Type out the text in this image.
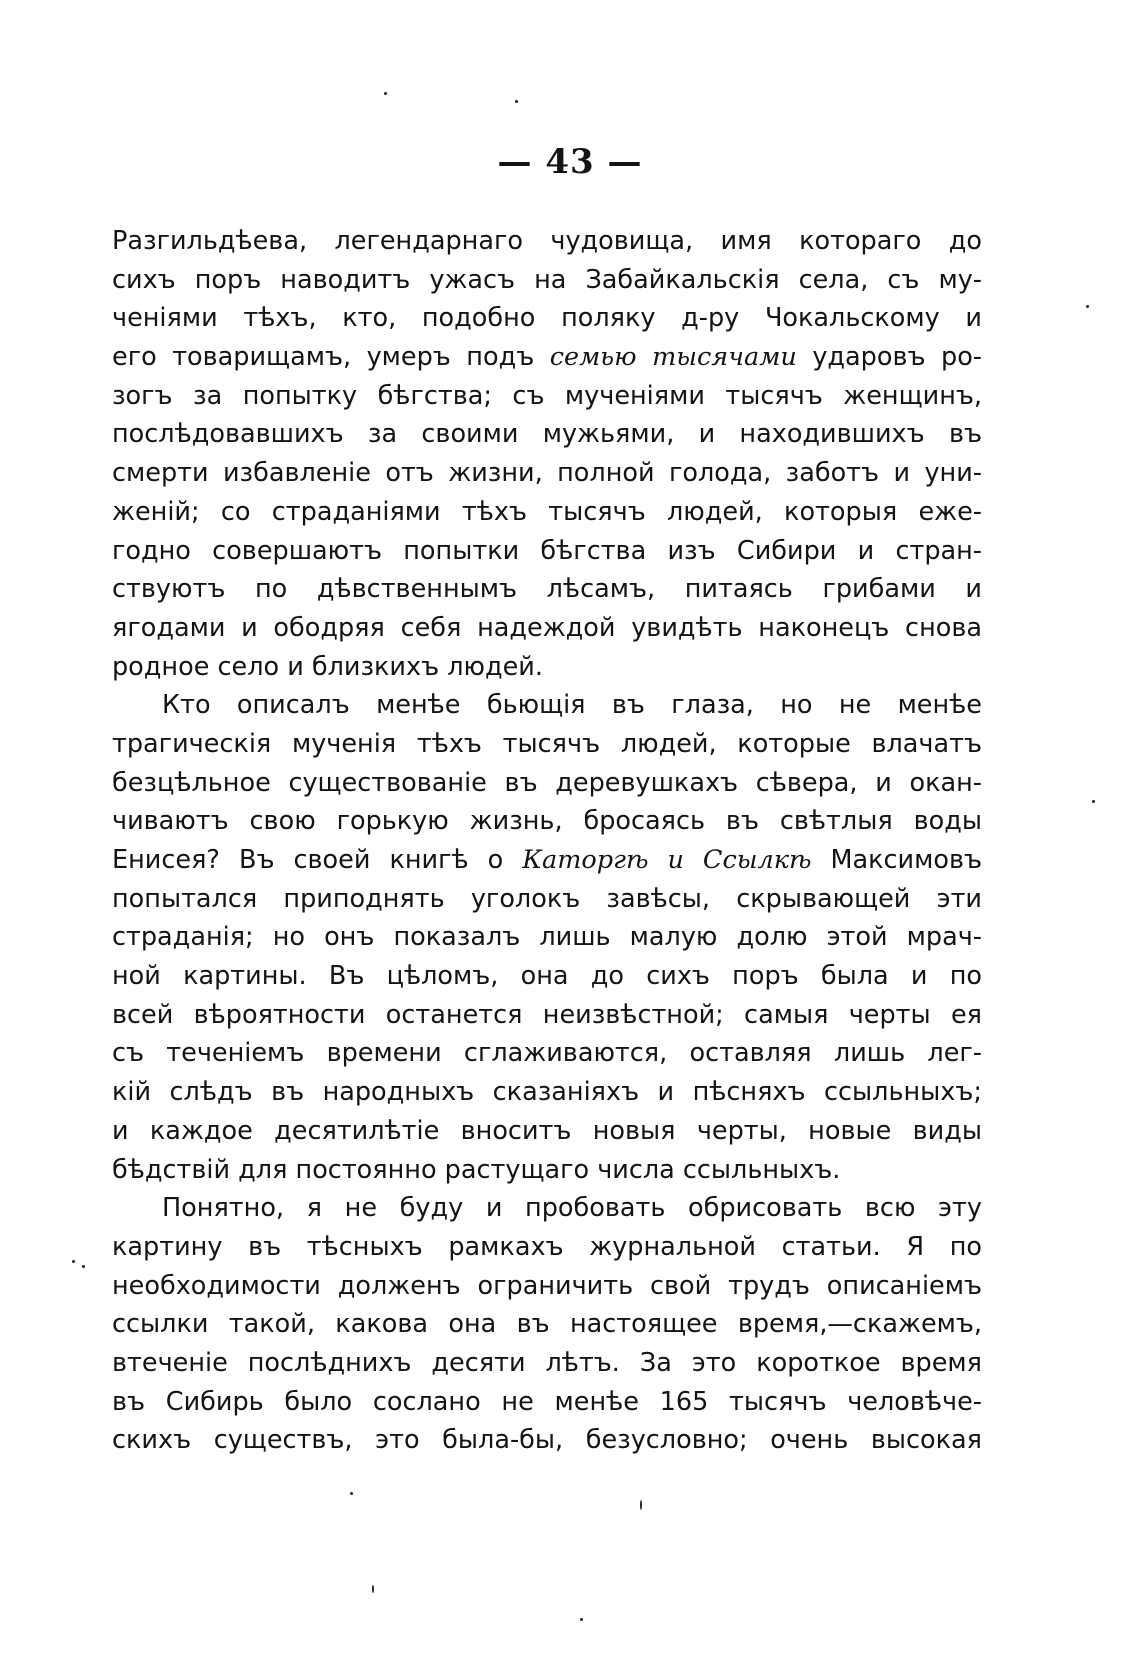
— 43 —
Разгильдѣева, легендарнаго чудовища, имя котораго до
сихъ поръ наводитъ ужасъ на Забайкальскія села, съ му-
ченіями тѣхъ, кто, подобно поляку д-ру Чокальскому и
его товарищамъ, умеръ подъ семью тысячами ударовъ ро-
зогъ за попытку бѣгства; съ мученіями тысячъ женщинъ,
послѣдовавшихъ за своими мужьями, и находившихъ въ
смерти избавленіе отъ жизни, полной голода, заботъ и уни-
женій; со страданіями тѣхъ тысячъ людей, которыя еже-
годно совершаютъ попытки бѣгства изъ Сибири и стран-
ствуютъ по дѣвственнымъ лѣсамъ, питаясь грибами и
ягодами и ободряя себя надеждой увидѣть наконецъ снова
родное село и близкихъ людей.
Кто описалъ менѣе бьющія въ глаза, но не менѣе
трагическія мученія тѣхъ тысячъ людей, которые влачатъ
безцѣльное существованіе въ деревушкахъ сѣвера, и окан-
чиваютъ свою горькую жизнь, бросаясь въ свѣтлыя воды
Енисея? Въ своей книгѣ о Каторгѣ и Ссылкѣ Максимовъ
попытался приподнять уголокъ завѣсы, скрывающей эти
страданія; но онъ показалъ лишь малую долю этой мрач-
ной картины. Въ цѣломъ, она до сихъ поръ была и по
всей вѣроятности останется неизвѣстной; самыя черты ея
съ теченіемъ времени сглаживаются, оставляя лишь лег-
кій слѣдъ въ народныхъ сказаніяхъ и пѣсняхъ ссыльныхъ;
и каждое десятилѣтіе вноситъ новыя черты, новые виды
бѣдствій для постоянно растущаго числа ссыльныхъ.
Понятно, я не буду и пробовать обрисовать всю эту
картину въ тѣсныхъ рамкахъ журнальной статьи. Я по
необходимости долженъ ограничить свой трудъ описаніемъ
ссылки такой, какова она въ настоящее время,—скажемъ,
втеченіе послѣднихъ десяти лѣтъ. За это короткое время
въ Сибирь было сослано не менѣе 165 тысячъ человѣче-
скихъ существъ, это была-бы, безусловно; очень высокая
